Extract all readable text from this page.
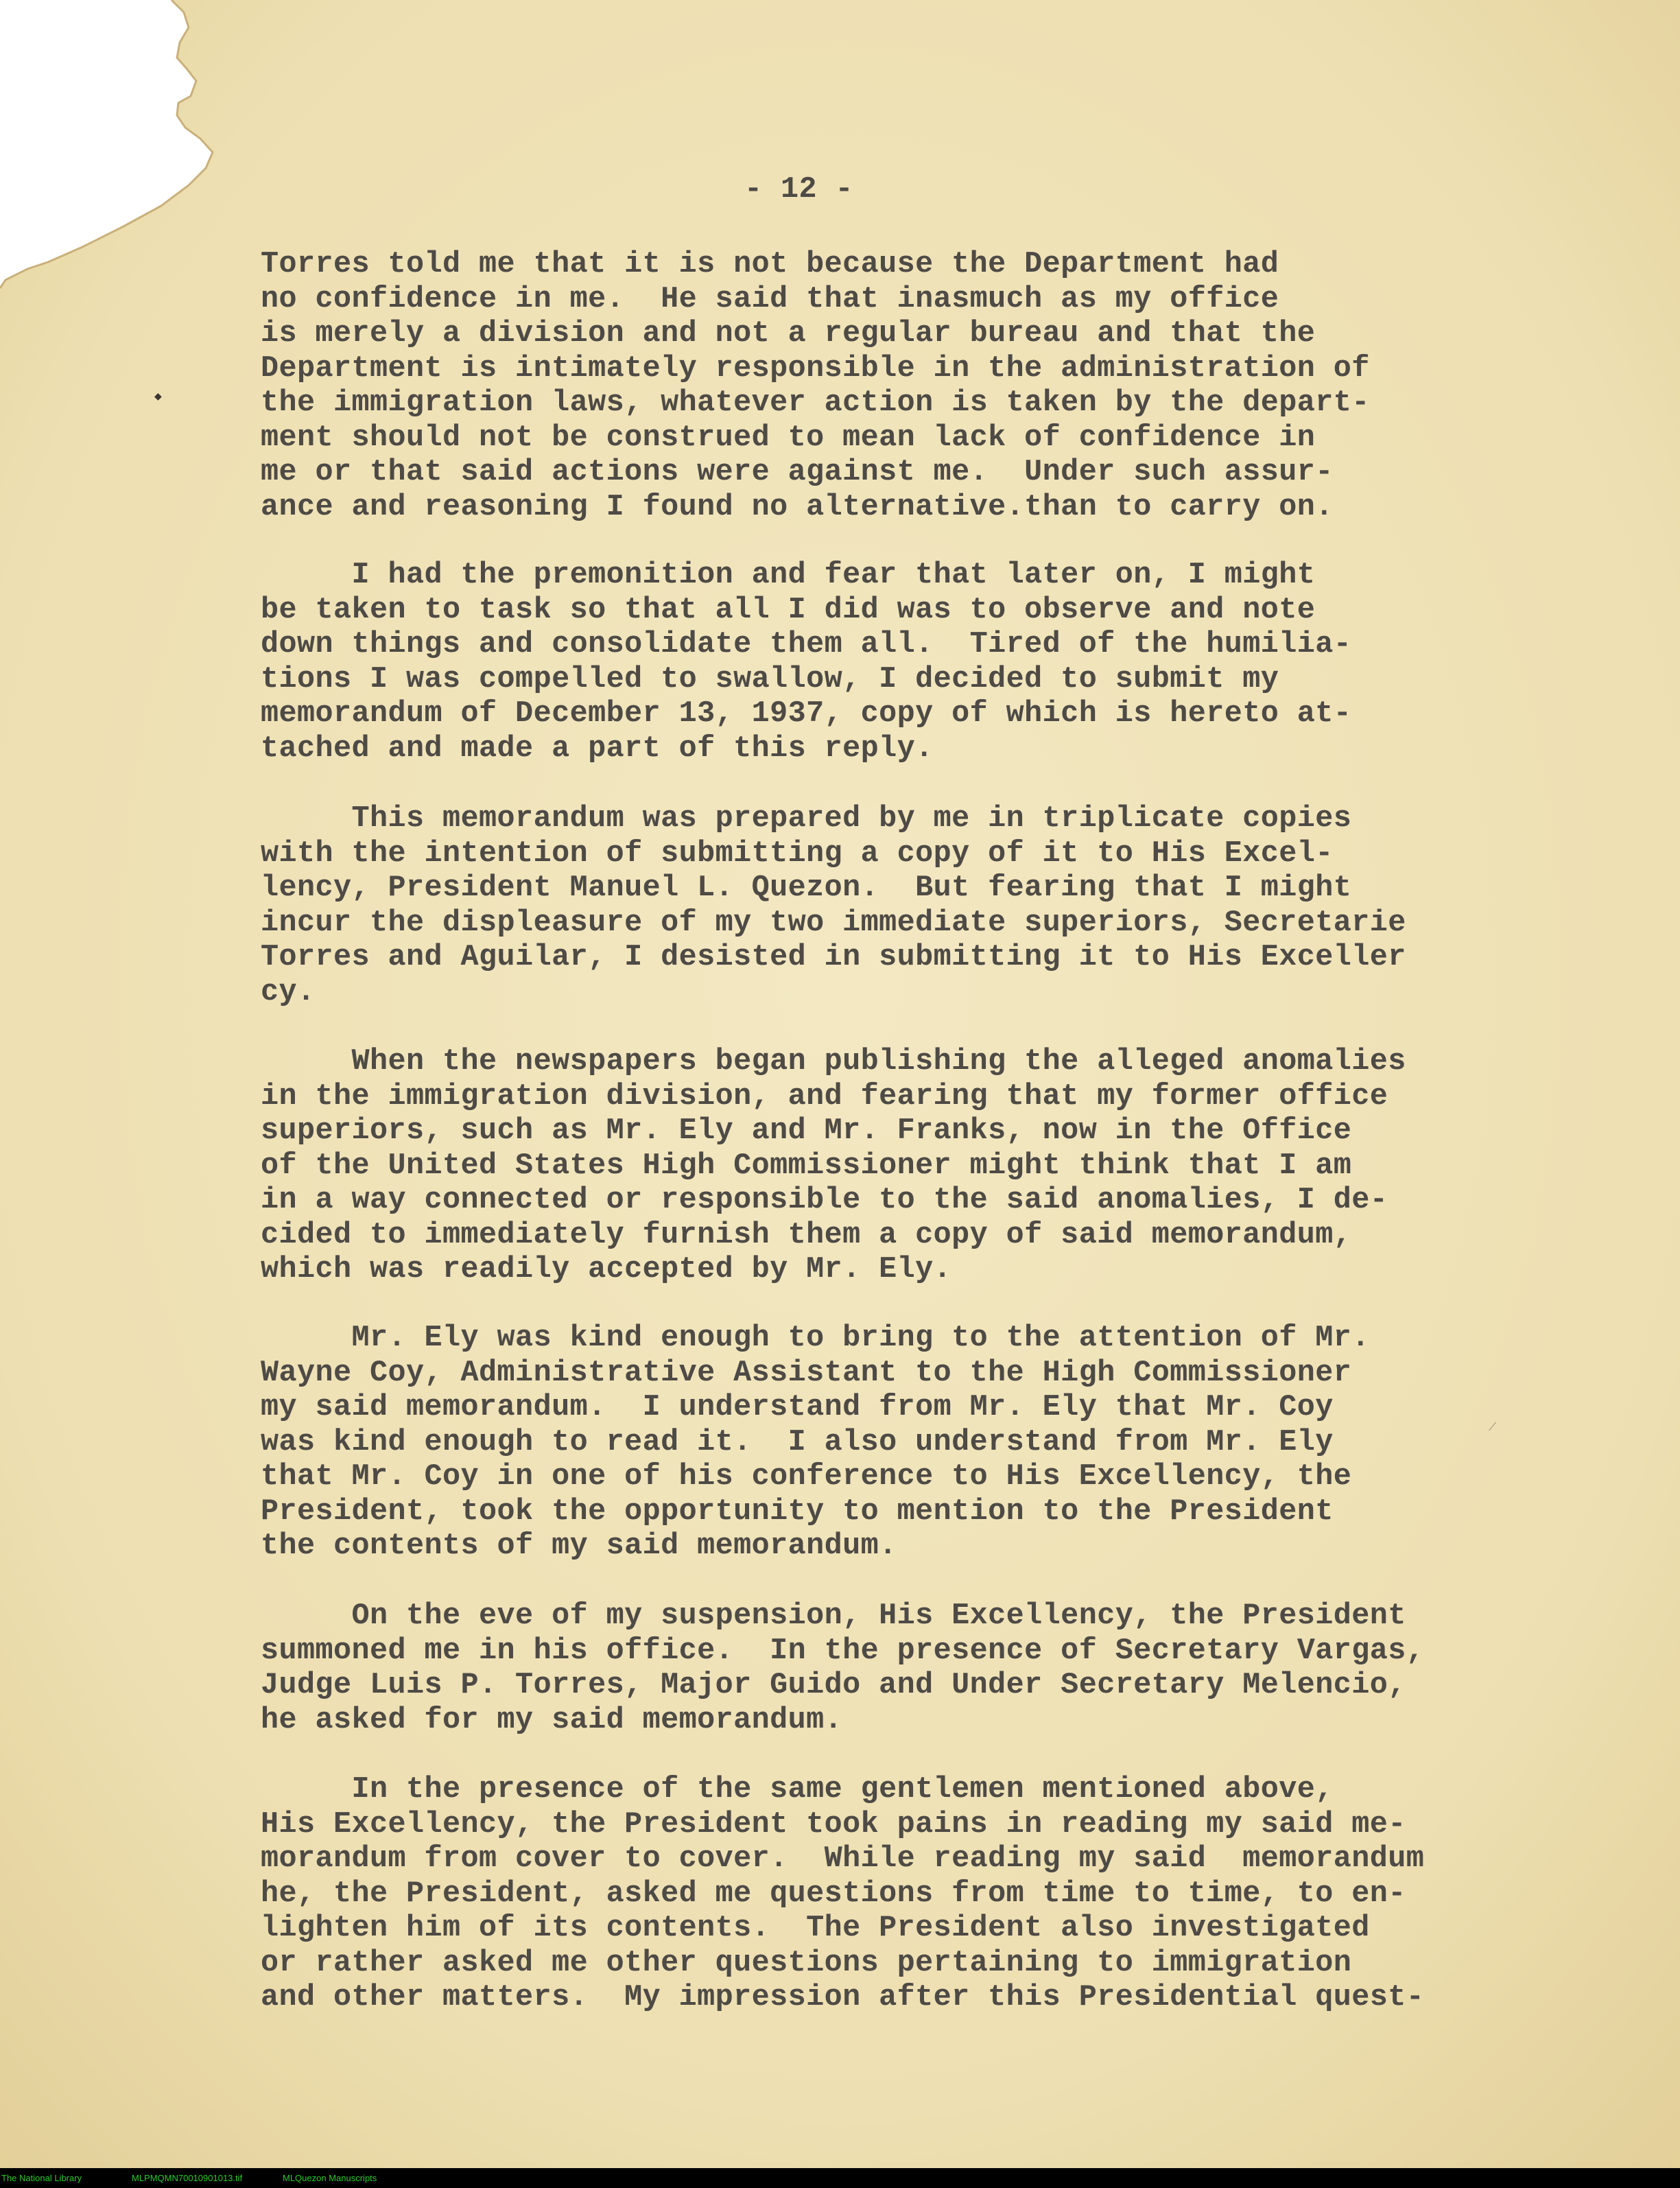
- 12 -
Torres told me that it is not because the Department had
no confidence in me.  He said that inasmuch as my office
is merely a division and not a regular bureau and that the
Department is intimately responsible in the administration of
the immigration laws, whatever action is taken by the depart-
ment should not be construed to mean lack of confidence in
me or that said actions were against me.  Under such assur-
ance and reasoning I found no alternative.than to carry on.
I had the premonition and fear that later on, I might
be taken to task so that all I did was to observe and note
down things and consolidate them all.  Tired of the humilia-
tions I was compelled to swallow, I decided to submit my
memorandum of December 13, 1937, copy of which is hereto at-
tached and made a part of this reply.
This memorandum was prepared by me in triplicate copies
with the intention of submitting a copy of it to His Excel-
lency, President Manuel L. Quezon.  But fearing that I might
incur the displeasure of my two immediate superiors, Secretarie
Torres and Aguilar, I desisted in submitting it to His Exceller
cy.
When the newspapers began publishing the alleged anomalies
in the immigration division, and fearing that my former office
superiors, such as Mr. Ely and Mr. Franks, now in the Office
of the United States High Commissioner might think that I am
in a way connected or responsible to the said anomalies, I de-
cided to immediately furnish them a copy of said memorandum,
which was readily accepted by Mr. Ely.
Mr. Ely was kind enough to bring to the attention of Mr.
Wayne Coy, Administrative Assistant to the High Commissioner
my said memorandum.  I understand from Mr. Ely that Mr. Coy
was kind enough to read it.  I also understand from Mr. Ely
that Mr. Coy in one of his conference to His Excellency, the
President, took the opportunity to mention to the President
the contents of my said memorandum.
On the eve of my suspension, His Excellency, the President
summoned me in his office.  In the presence of Secretary Vargas,
Judge Luis P. Torres, Major Guido and Under Secretary Melencio,
he asked for my said memorandum.
In the presence of the same gentlemen mentioned above,
His Excellency, the President took pains in reading my said me-
morandum from cover to cover.  While reading my said  memorandum
he, the President, asked me questions from time to time, to en-
lighten him of its contents.  The President also investigated
or rather asked me other questions pertaining to immigration
and other matters.  My impression after this Presidential quest-
◆
⟋
The National Library	MLPMQMN70010901013.tif	MLQuezon Manuscripts
